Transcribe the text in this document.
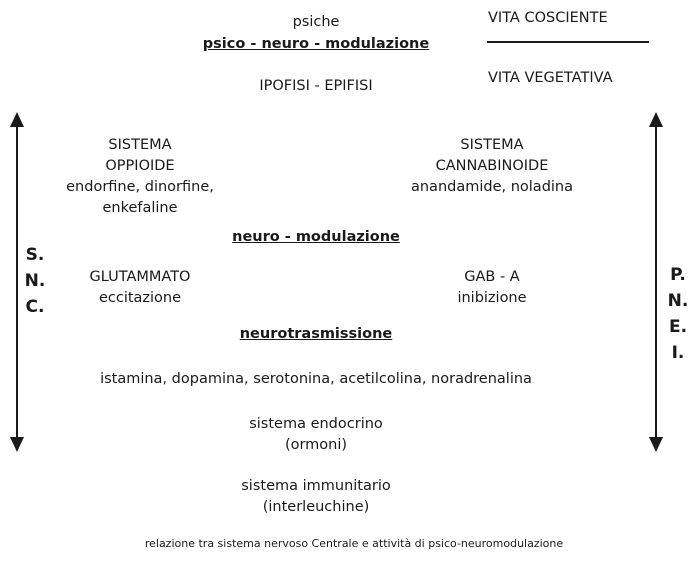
psiche
psico - neuro - modulazione
IPOFISI - EPIFISI
VITA COSCIENTE
VITA VEGETATIVA
S.
N.
C.
P.
N.
E.
I.
SISTEMA
OPPIOIDE
endorfine, dinorfine,
enkefaline
SISTEMA
CANNABINOIDE
anandamide, noladina
neuro - modulazione
GLUTAMMATO
eccitazione
GAB - A
inibizione
neurotrasmissione
istamina, dopamina, serotonina, acetilcolina, noradrenalina
sistema endocrino
(ormoni)
sistema immunitario
(interleuchine)
relazione tra sistema nervoso Centrale e attività di psico-neuromodulazione
